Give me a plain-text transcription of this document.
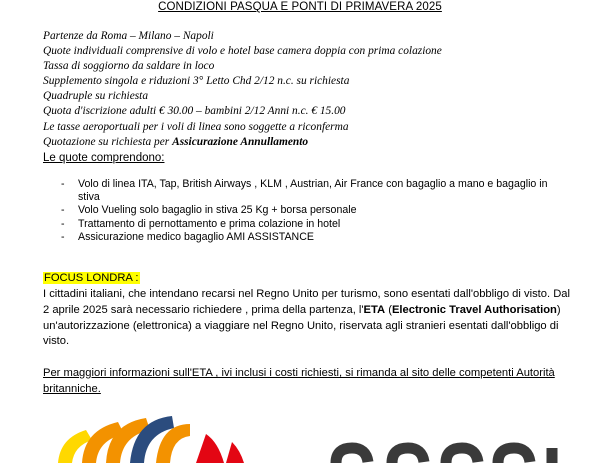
CONDIZIONI PASQUA E PONTI DI PRIMAVERA 2025
Partenze da Roma – Milano – Napoli
Quote individuali comprensive di volo e hotel base camera doppia con prima colazione
Tassa di soggiorno da saldare in loco
Supplemento singola e riduzioni 3° Letto Chd 2/12 n.c. su richiesta
Quadruple su richiesta
Quota d'iscrizione adulti € 30.00 – bambini 2/12 Anni n.c. € 15.00
Le tasse aeroportuali per i voli di linea sono soggette a riconferma
Quotazione su richiesta per Assicurazione Annullamento
Le quote comprendono:
- Volo di linea ITA, Tap, British Airways , KLM , Austrian, Air France con bagaglio a mano e bagaglio in stiva
- Volo Vueling solo bagaglio in stiva 25 Kg + borsa personale
- Trattamento di pernottamento e prima colazione in hotel
- Assicurazione medico bagaglio AMI ASSISTANCE
FOCUS LONDRA :
I cittadini italiani, che intendano recarsi nel Regno Unito per turismo, sono esentati dall'obbligo di visto. Dal 2 aprile 2025 sarà necessario richiedere , prima della partenza, l'ETA (Electronic Travel Authorisation) un'autorizzazione (elettronica) a viaggiare nel Regno Unito, riservata agli stranieri esentati dall'obbligo di visto.
Per maggiori informazioni sull'ETA , ivi inclusi i costi richiesti, si rimanda al sito delle competenti Autorità britanniche.
